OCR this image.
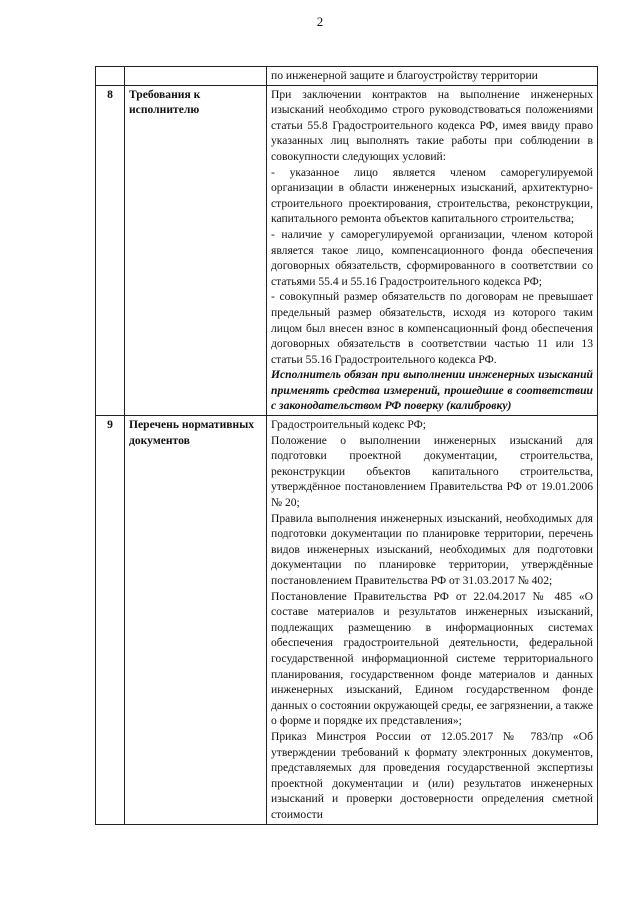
2

		по инженерной защите и благоустройству территории

8	Требования к исполнителю	При заключении контрактов на выполнение инженерных изысканий необходимо строго руководствоваться положениями статьи 55.8 Градостроительного кодекса РФ, имея ввиду право указанных лиц выполнять такие работы при соблюдении в совокупности следующих условий:
- указанное лицо является членом саморегулируемой организации в области инженерных изысканий, архитектурно-строительного проектирования, строительства, реконструкции, капитального ремонта объектов капитального строительства;
- наличие у саморегулируемой организации, членом которой является такое лицо, компенсационного фонда обеспечения договорных обязательств, сформированного в соответствии со статьями 55.4 и 55.16 Градостроительного кодекса РФ;
- совокупный размер обязательств по договорам не превышает предельный размер обязательств, исходя из которого таким лицом был внесен взнос в компенсационный фонд обеспечения договорных обязательств в соответствии частью 11 или 13 статьи 55.16 Градостроительного кодекса РФ.
Исполнитель обязан при выполнении инженерных изысканий применять средства измерений, прошедшие в соответствии с законодательством РФ поверку (калибровку)

9	Перечень нормативных документов	Градостроительный кодекс РФ;
Положение о выполнении инженерных изысканий для подготовки проектной документации, строительства, реконструкции объектов капитального строительства, утверждённое постановлением Правительства РФ от 19.01.2006 № 20;
Правила выполнения инженерных изысканий, необходимых для подготовки документации по планировке территории, перечень видов инженерных изысканий, необходимых для подготовки документации по планировке территории, утверждённые постановлением Правительства РФ от 31.03.2017 № 402;
Постановление Правительства РФ от 22.04.2017 № 485 «О составе материалов и результатов инженерных изысканий, подлежащих размещению в информационных системах обеспечения градостроительной деятельности, федеральной государственной информационной системе территориального планирования, государственном фонде материалов и данных инженерных изысканий, Едином государственном фонде данных о состоянии окружающей среды, ее загрязнении, а также о форме и порядке их представления»;
Приказ Минстроя России от 12.05.2017 № 783/пр «Об утверждении требований к формату электронных документов, представляемых для проведения государственной экспертизы проектной документации и (или) результатов инженерных изысканий и проверки достоверности определения сметной стоимости
